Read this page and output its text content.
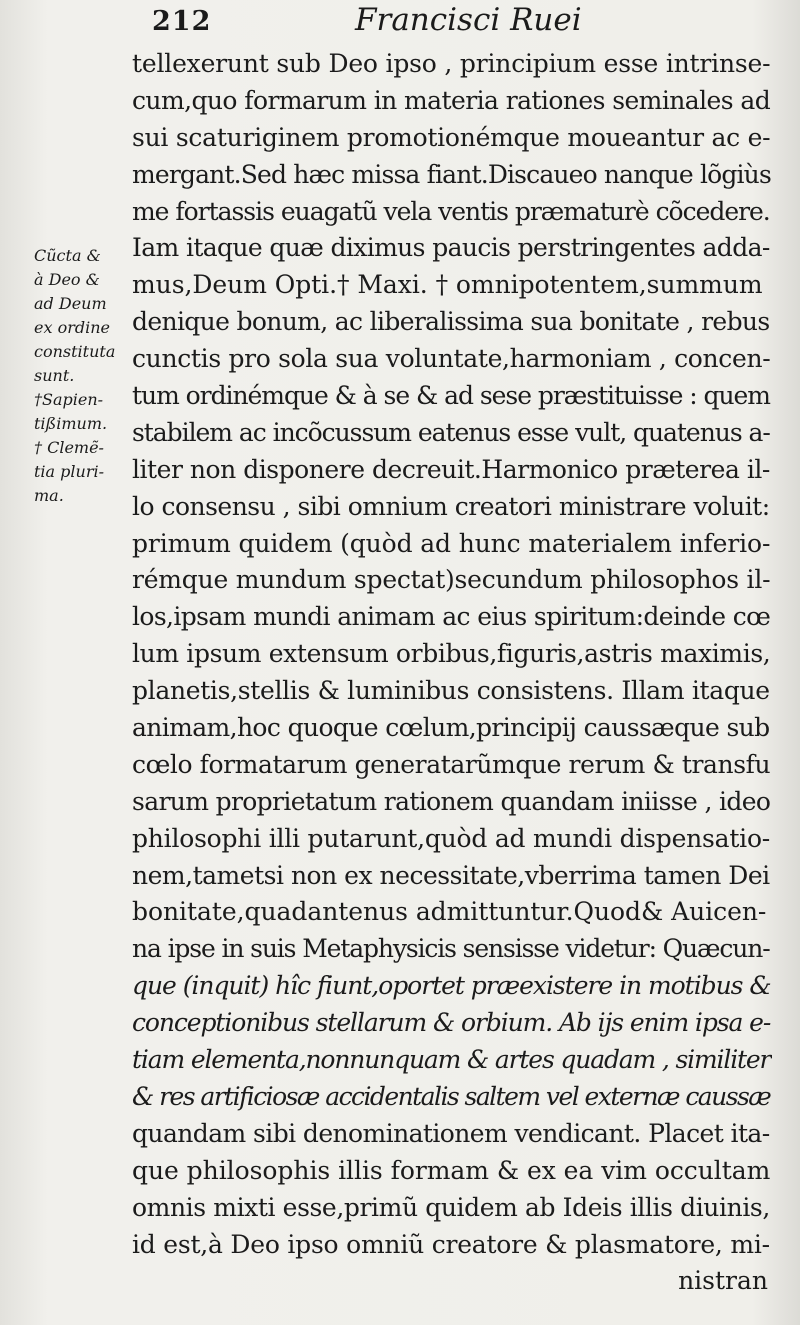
212	Francisci Ruei
Cũcta &
à Deo &
ad Deum
ex ordine
constituta
sunt.
†Sapien-
tißimum.
† Clemẽ-
tia pluri-
ma.
tellexerunt sub Deo ipso , principium esse intrinse-
cum,quo formarum in materia rationes seminales ad
sui scaturiginem promotionémque moueantur ac e-
mergant.Sed hæc missa fiant.Discaueo nanque lõgiùs
me fortassis euagatũ vela ventis præmaturè cõcedere.
Iam itaque quæ diximus paucis perstringentes adda-
mus,Deum Opti.† Maxi. † omnipotentem,summum
denique bonum, ac liberalissima sua bonitate , rebus
cunctis pro sola sua voluntate,harmoniam , concen-
tum ordinémque & à se & ad sese præstituisse : quem
stabilem ac incõcussum eatenus esse vult, quatenus a-
liter non disponere decreuit.Harmonico præterea il-
lo consensu , sibi omnium creatori ministrare voluit:
primum quidem (quòd ad hunc materialem inferio-
rémque mundum spectat)secundum philosophos il-
los,ipsam mundi animam ac eius spiritum:deinde cœ
lum ipsum extensum orbibus,figuris,astris maximis,
planetis,stellis & luminibus consistens. Illam itaque
animam,hoc quoque cœlum,principij caussæque sub
cœlo formatarum generatarũmque rerum & transfu
sarum proprietatum rationem quandam iniisse , ideo
philosophi illi putarunt,quòd ad mundi dispensatio-
nem,tametsi non ex necessitate,vberrima tamen Dei
bonitate,quadantenus admittuntur.Quod& Auicen-
na ipse in suis Metaphysicis sensisse videtur: Quæcun-
que (inquit) hîc fiunt,oportet præexistere in motibus &
conceptionibus stellarum & orbium. Ab ijs enim ipsa e-
tiam elementa,nonnunquam & artes quadam , similiter
& res artificiosæ accidentalis saltem vel externæ caussæ
quandam sibi denominationem vendicant. Placet ita-
que philosophis illis formam & ex ea vim occultam
omnis mixti esse,primũ quidem ab Ideis illis diuinis,
id est,à Deo ipso omniũ creatore & plasmatore, mi-
nistran
